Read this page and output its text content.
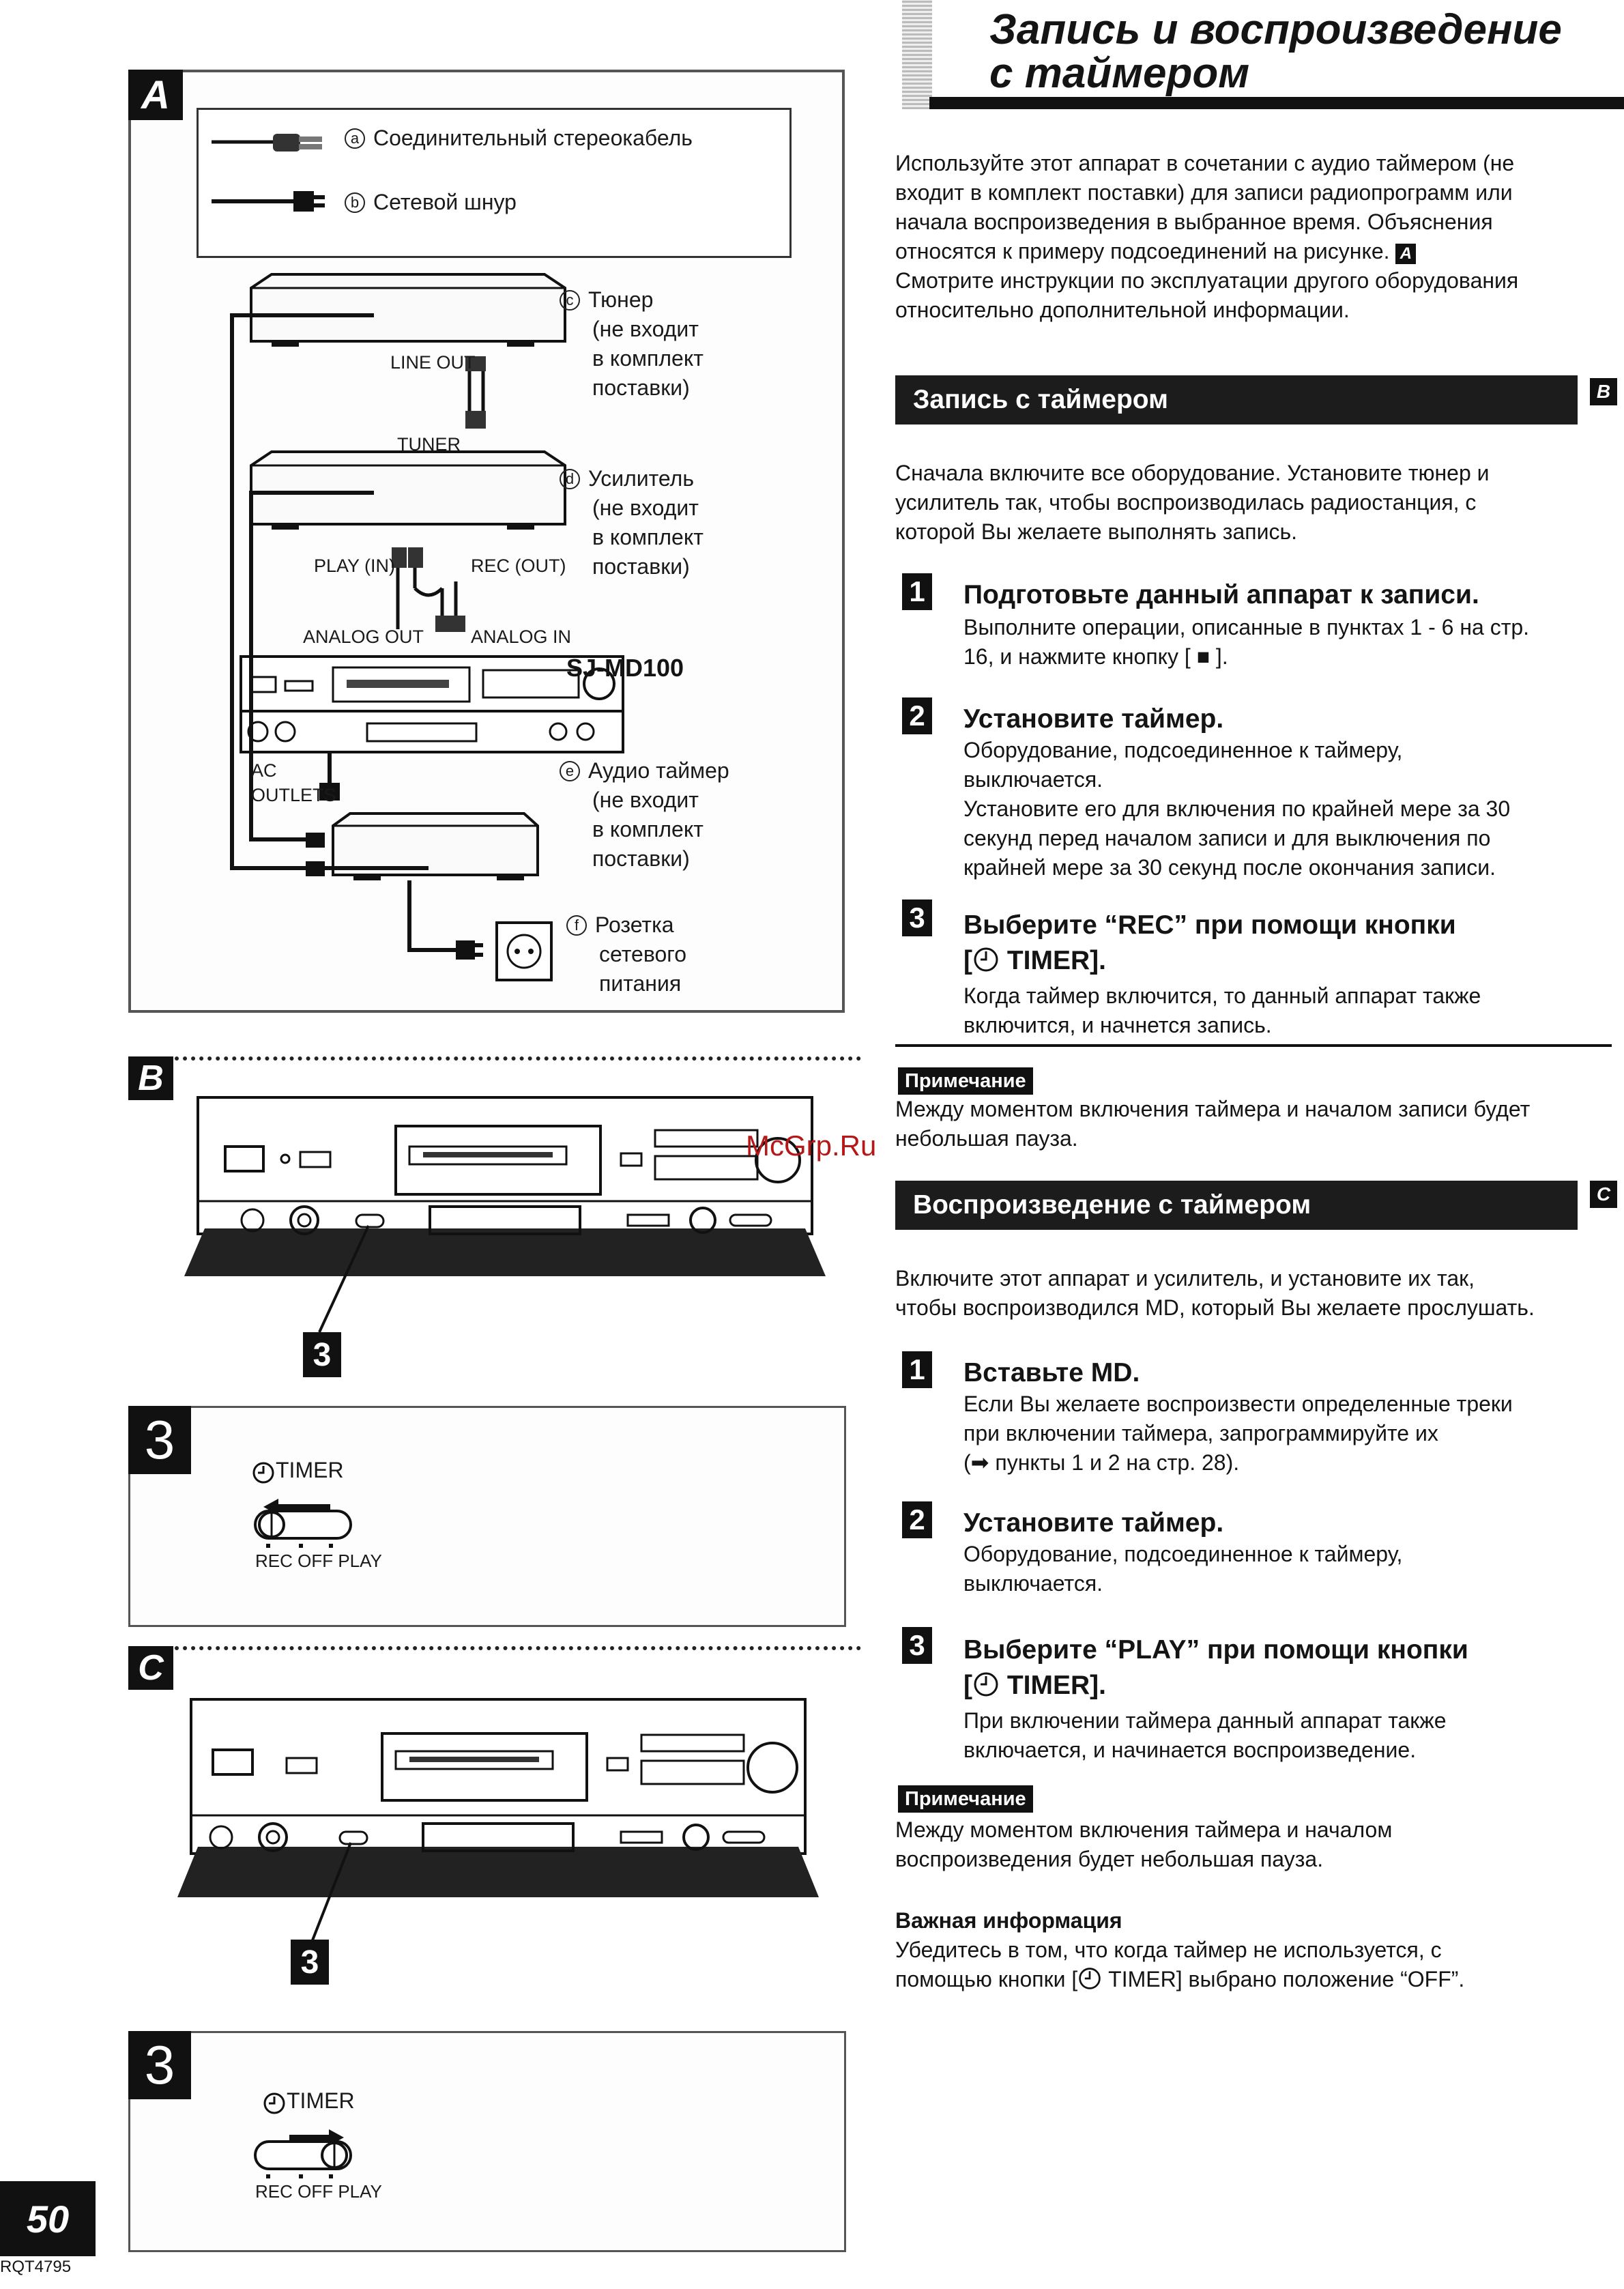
Запись и воспроизведение
с таймером
Используйте этот аппарат в сочетании с аудио таймером (не
входит в комплект поставки) для записи радиопрограмм или
начала воспроизведения в выбранное время. Объяснения
относятся к примеру подсоединений на рисунке. A
Смотрите инструкции по эксплуатации другого оборудования
относительно дополнительной информации.
Запись с таймером	B
Сначала включите все оборудование. Установите тюнер и
усилитель так, чтобы воспроизводилась радиостанция, с
которой Вы желаете выполнять запись.
1 Подготовьте данный аппарат к записи.
Выполните операции, описанные в пунктах 1 - 6 на стр.
16, и нажмите кнопку [ ■ ].
2 Установите таймер.
Оборудование, подсоединенное к таймеру,
выключается.
Установите его для включения по крайней мере за 30
секунд перед началом записи и для выключения по
крайней мере за 30 секунд после окончания записи.
3 Выберите “REC” при помощи кнопки
[ TIMER].
Когда таймер включится, то данный аппарат также
включится, и начнется запись.
Примечание
Между моментом включения таймера и началом записи будет
небольшая пауза.
Воспроизведение с таймером	C
Включите этот аппарат и усилитель, и установите их так,
чтобы воспроизводился MD, который Вы желаете прослушать.
1 Вставьте MD.
Если Вы желаете воспроизвести определенные треки
при включении таймера, запрограммируйте их
(➡ пункты 1 и 2 на стр. 28).
2 Установите таймер.
Оборудование, подсоединенное к таймеру,
выключается.
3 Выберите “PLAY” при помощи кнопки
[ TIMER].
При включении таймера данный аппарат также
включается, и начинается воспроизведение.
Примечание
Между моментом включения таймера и началом
воспроизведения будет небольшая пауза.
Важная информация
Убедитесь в том, что когда таймер не используется, с
помощью кнопки [ TIMER] выбрано положение “OFF”.
A
a Соединительный стереокабель
b Сетевой шнур
c Тюнер
(не входит
в комплект
поставки)
d Усилитель
(не входит
в комплект
поставки)
e Аудио таймер
(не входит
в комплект
поставки)
f Розетка
сетевого
питания
LINE OUT
TUNER
PLAY (IN)	REC (OUT)
ANALOG OUT	ANALOG IN
AC
OUTLETS
SJ-MD100
B
3
3	TIMER
REC OFF PLAY
C
3
3
TIMER
REC OFF PLAY
50
RQT4795
McGrp.Ru
